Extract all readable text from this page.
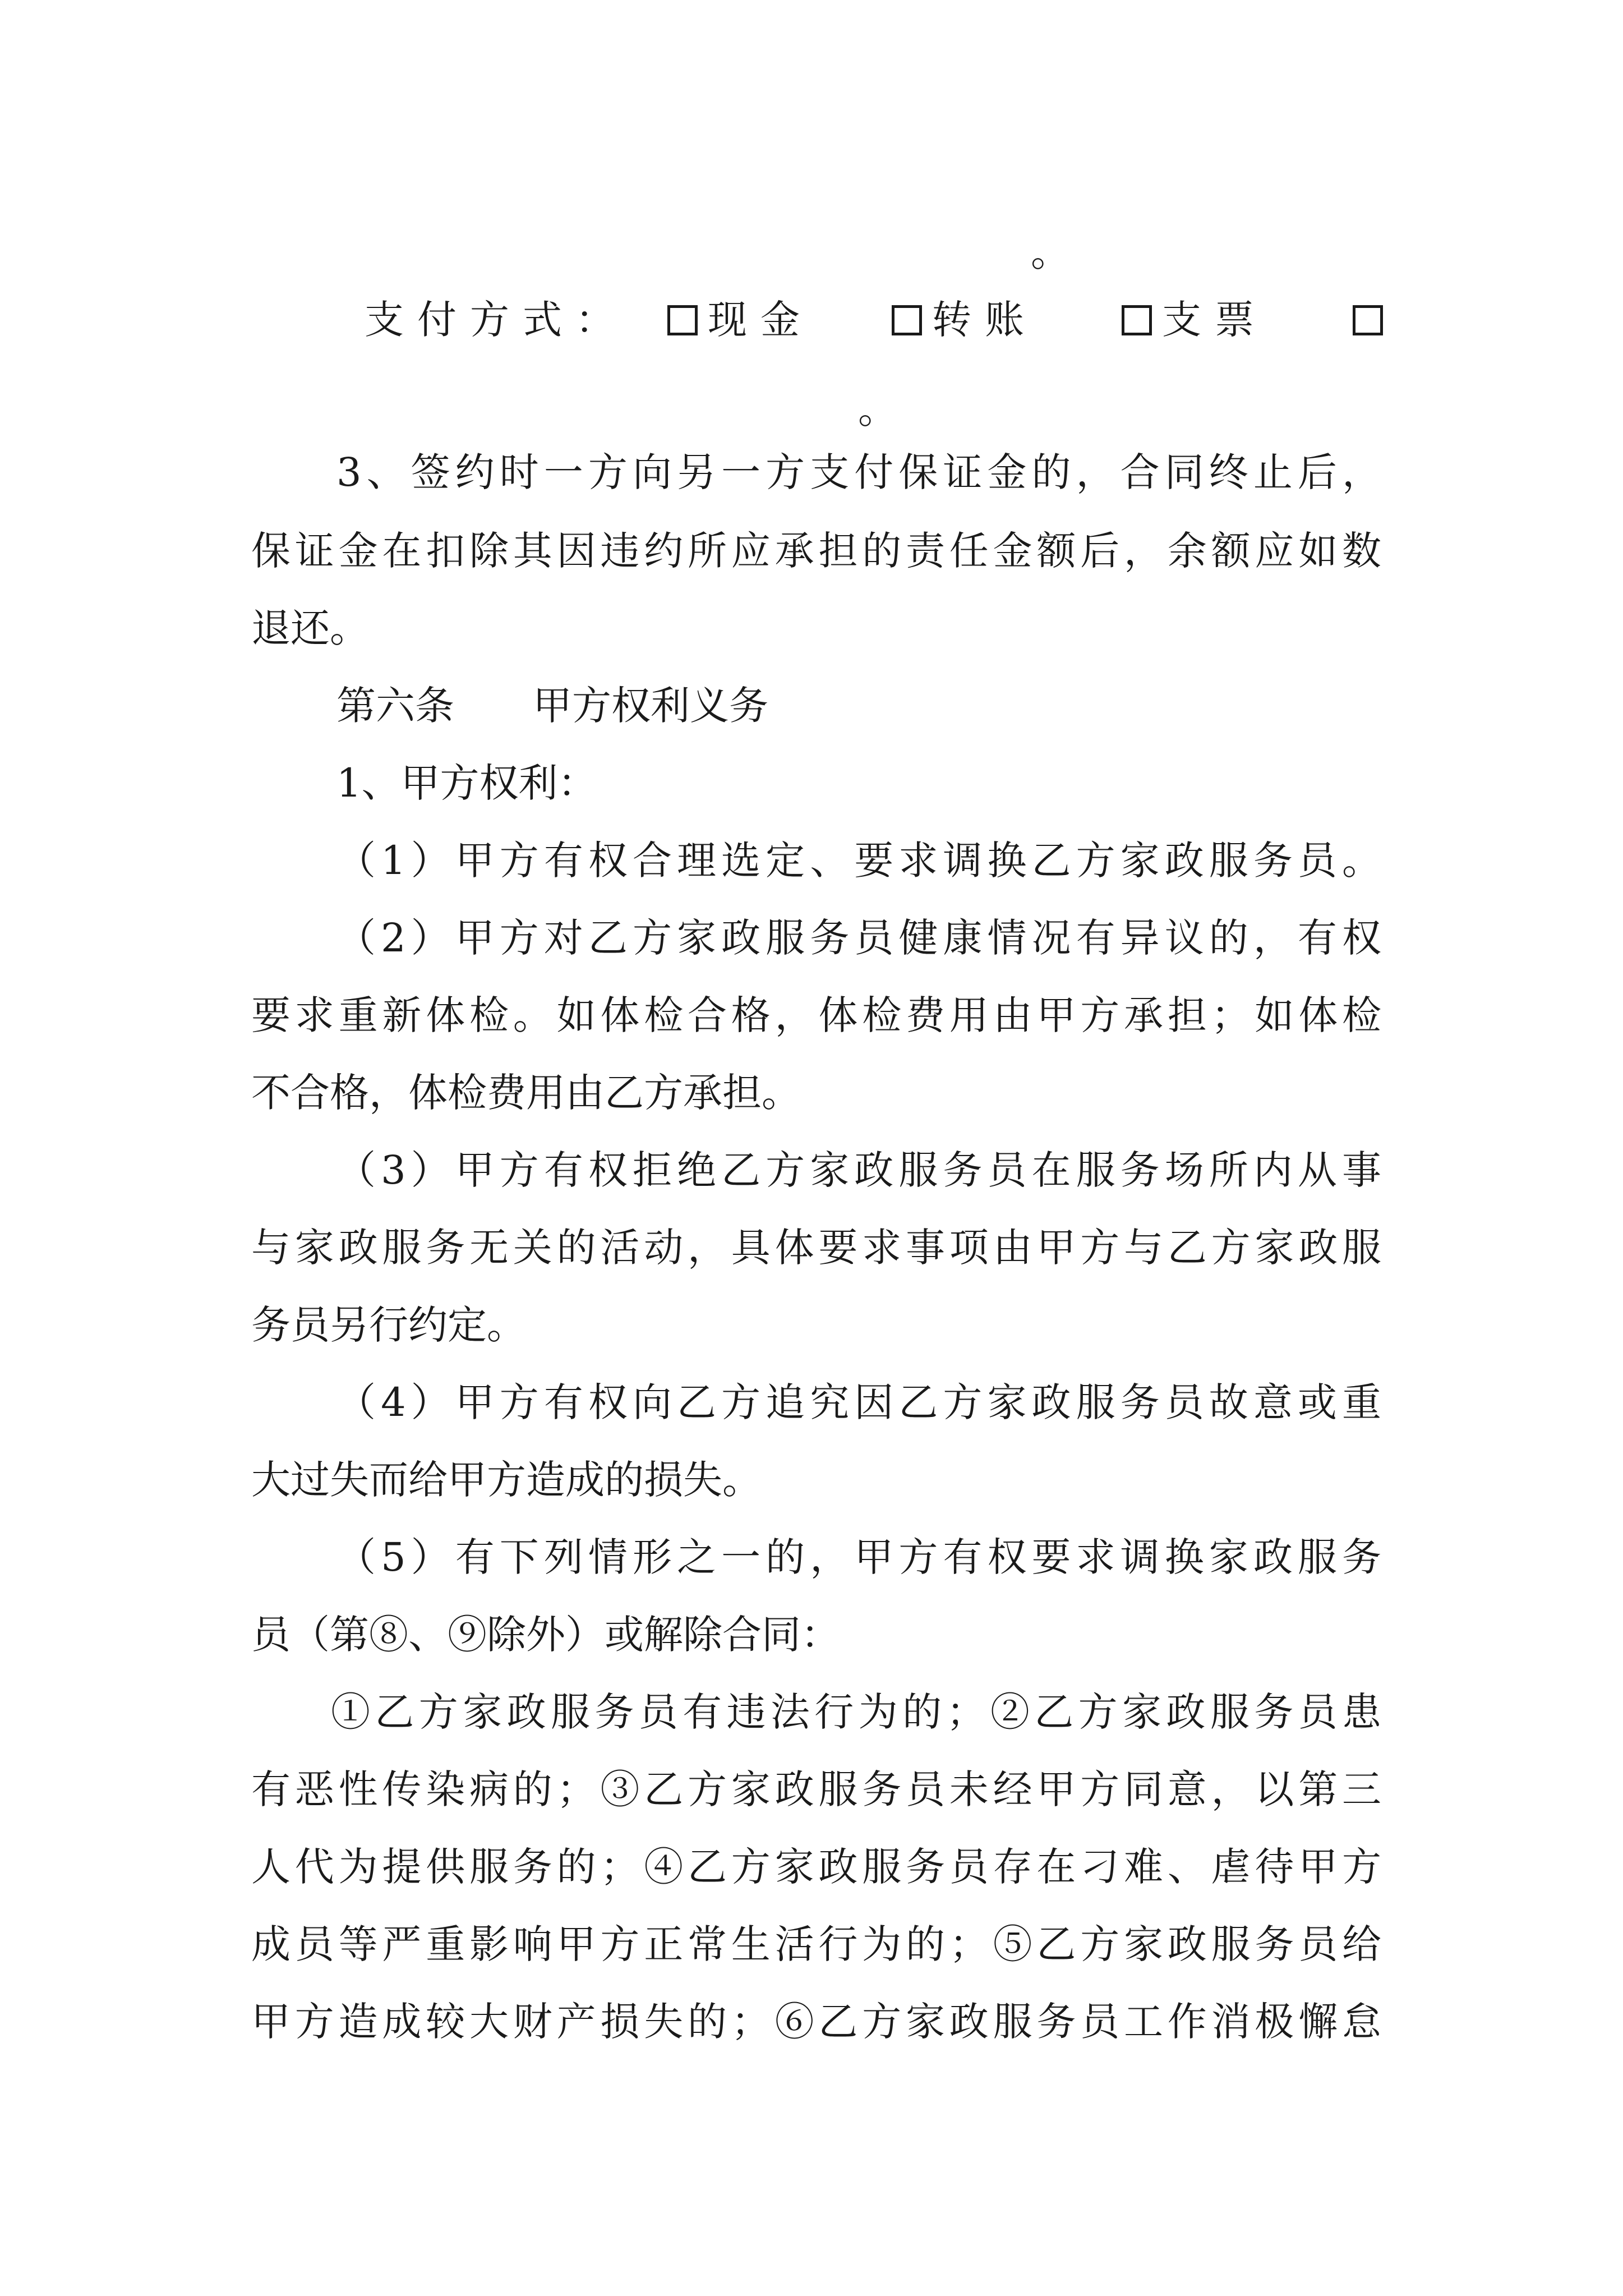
。
支付方式：	现金	转账	支票
。
3、签约时一方向另一方支付保证金的，合同终止后，
保证金在扣除其因违约所应承担的责任金额后，余额应如数
退还。
第六条　　甲方权利义务
1、甲方权利：
（1）甲方有权合理选定、要求调换乙方家政服务员。
（2）甲方对乙方家政服务员健康情况有异议的，有权
要求重新体检。如体检合格，体检费用由甲方承担；如体检
不合格，体检费用由乙方承担。
（3）甲方有权拒绝乙方家政服务员在服务场所内从事
与家政服务无关的活动，具体要求事项由甲方与乙方家政服
务员另行约定。
（4）甲方有权向乙方追究因乙方家政服务员故意或重
大过失而给甲方造成的损失。
（5）有下列情形之一的，甲方有权要求调换家政服务
员（第⑧、⑨除外）或解除合同：
①乙方家政服务员有违法行为的；②乙方家政服务员患
有恶性传染病的；③乙方家政服务员未经甲方同意，以第三
人代为提供服务的；④乙方家政服务员存在刁难、虐待甲方
成员等严重影响甲方正常生活行为的；⑤乙方家政服务员给
甲方造成较大财产损失的；⑥乙方家政服务员工作消极懈怠
